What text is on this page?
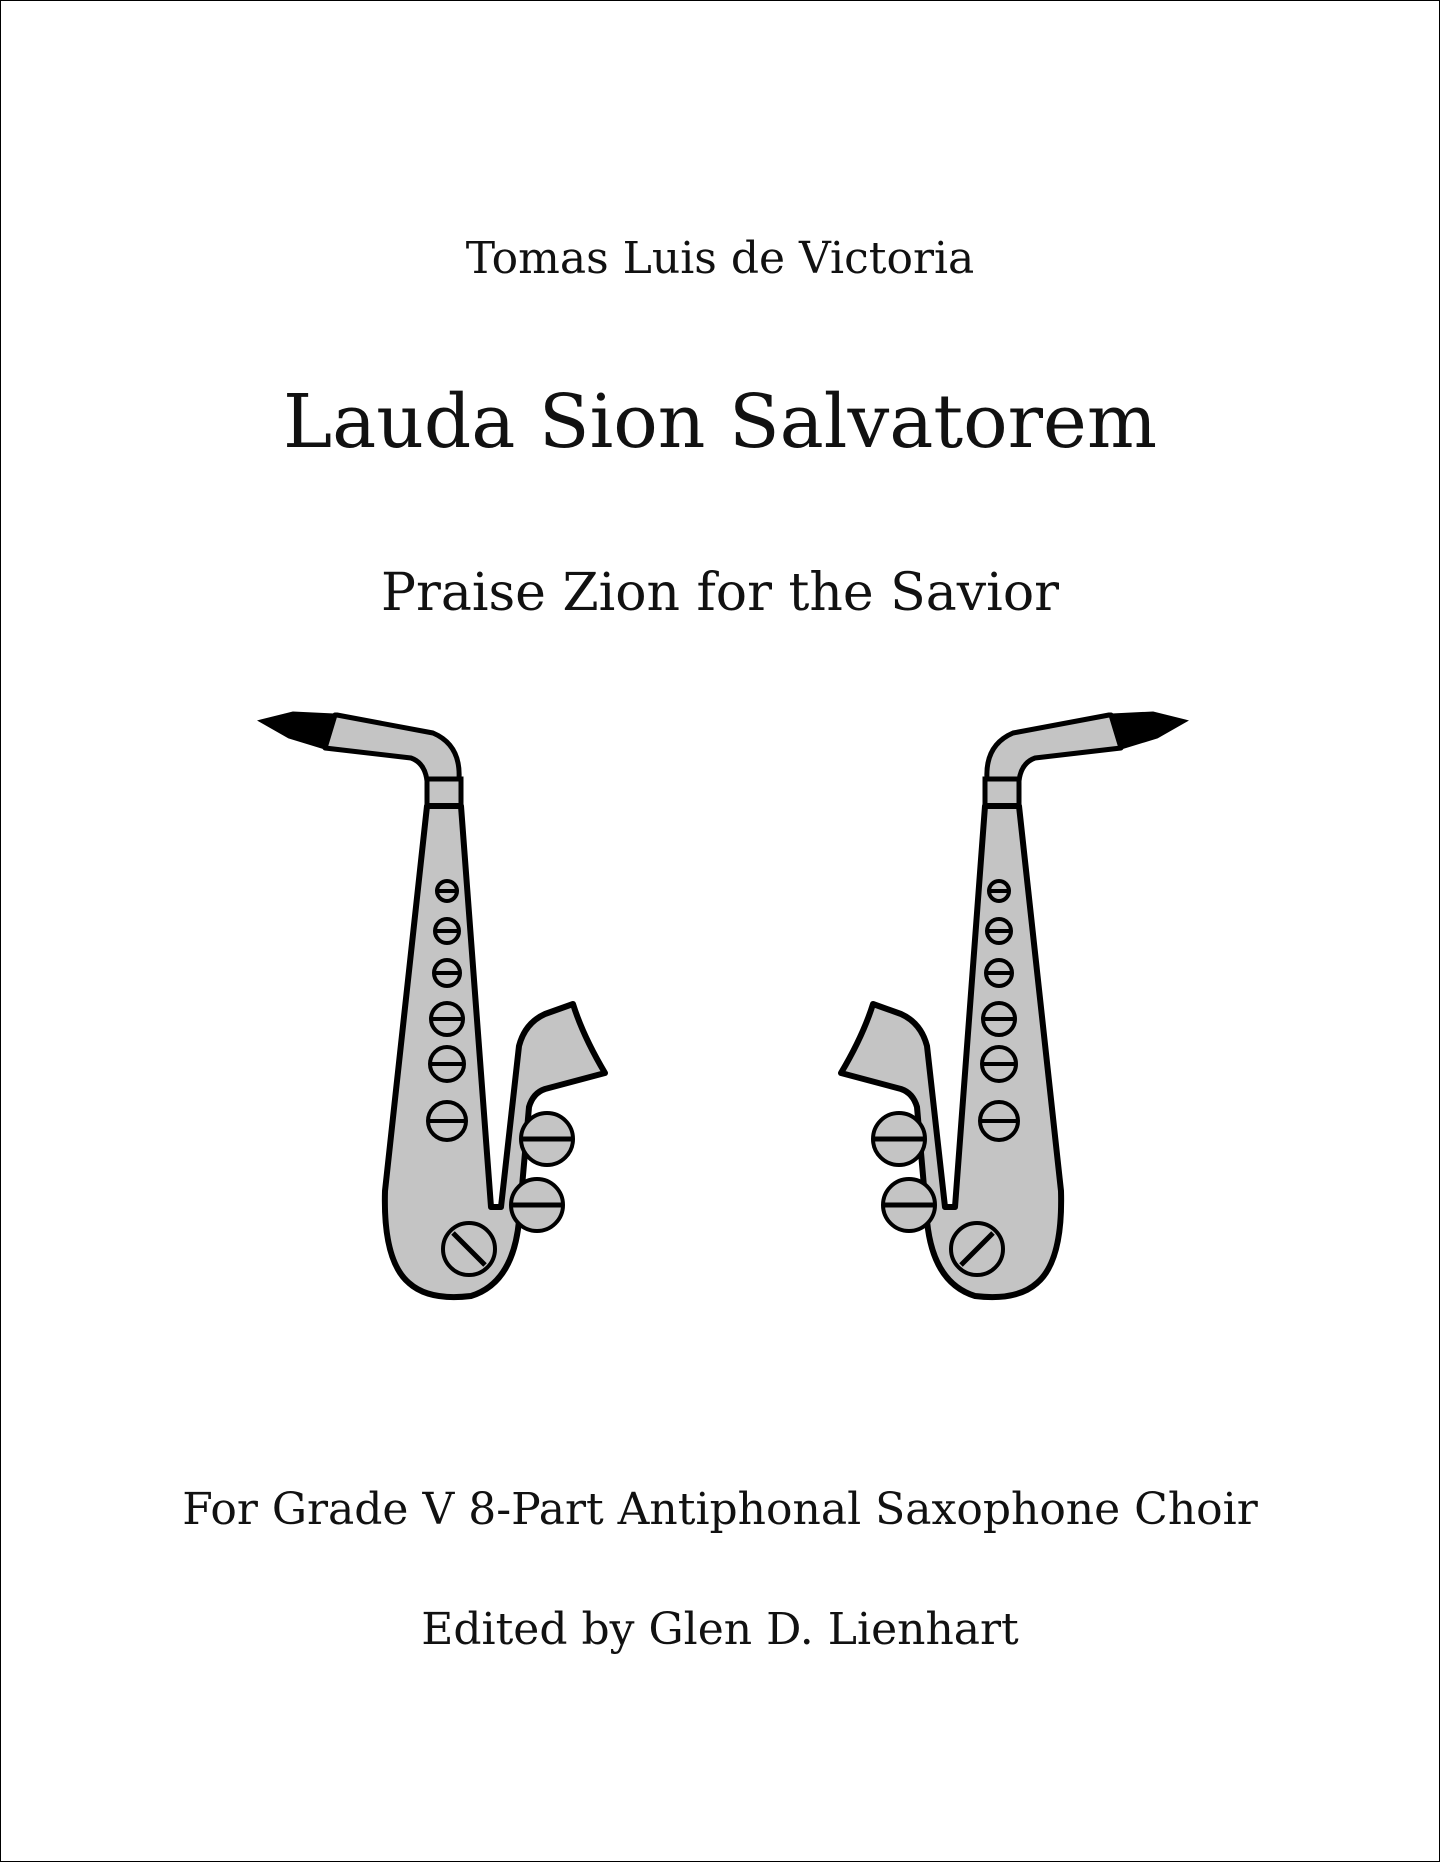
Tomas Luis de Victoria
Lauda Sion Salvatorem
Praise Zion for the Savior
For Grade V 8-Part Antiphonal Saxophone Choir
Edited by Glen D. Lienhart
